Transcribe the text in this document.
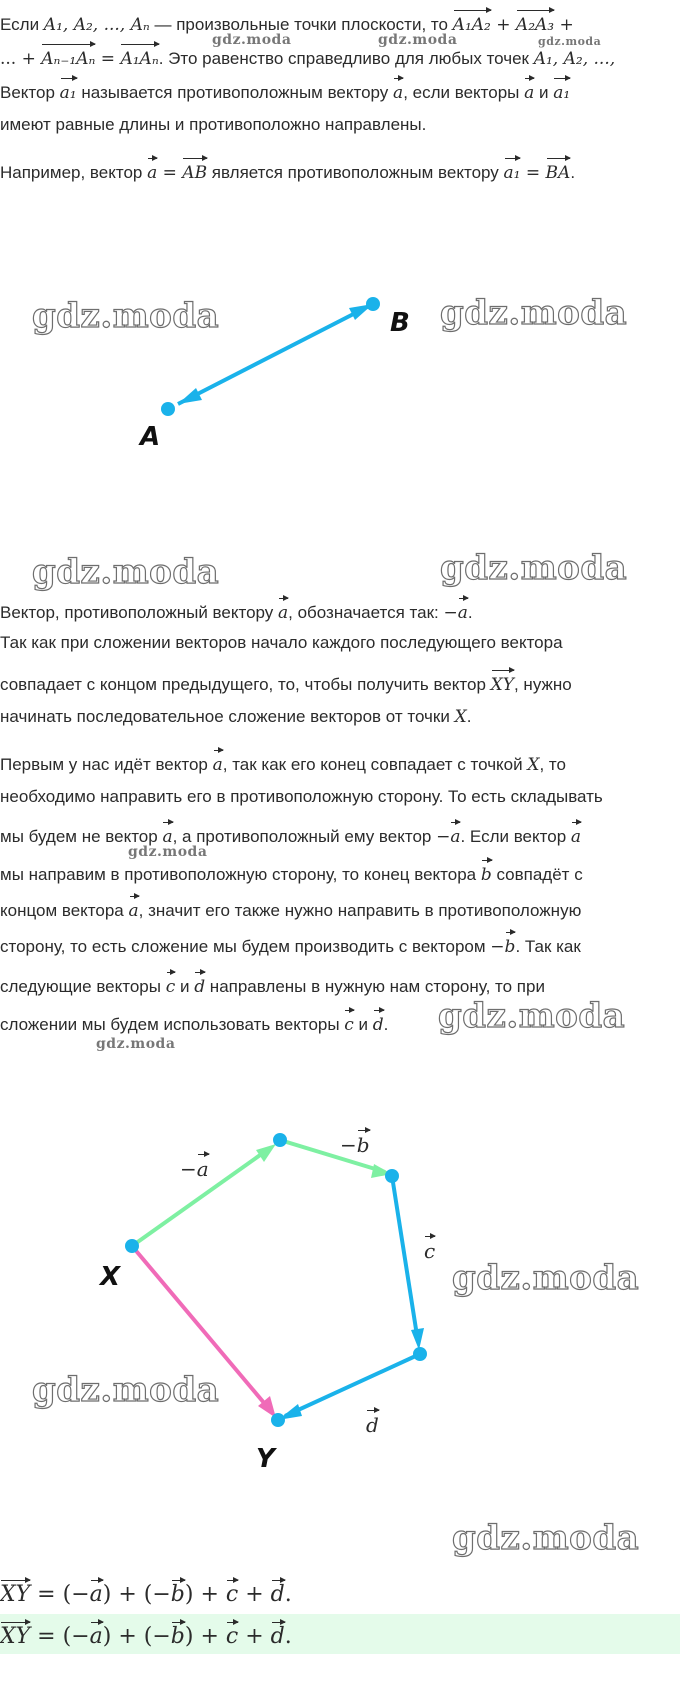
Если A₁, A₂, ..., Aₙ — произвольные точки плоскости, то A₁A₂ + A₂A₃ +
... + Aₙ₋₁Aₙ = A₁Aₙ. Это равенство справедливо для любых точек A₁, A₂, ...,
Вектор a₁ называется противоположным вектору a, если векторы a и a₁
имеют равные длины и противоположно направлены.
Например, вектор a = AB является противоположным вектору a₁ = BA.
gdz.moda	gdz.moda	gdz.moda
B
A
gdz.moda	gdz.moda
gdz.moda	gdz.moda
Вектор, противоположный вектору a, обозначается так: −a.
Так как при сложении векторов начало каждого последующего вектора
совпадает с концом предыдущего, то, чтобы получить вектор XY, нужно
начинать последовательное сложение векторов от точки X.
Первым у нас идёт вектор a, так как его конец совпадает с точкой X, то
необходимо направить его в противоположную сторону. То есть складывать
мы будем не вектор a, а противоположный ему вектор −a. Если вектор a
gdz.moda
мы направим в противоположную сторону, то конец вектора b совпадёт с
концом вектора a, значит его также нужно направить в противоположную
сторону, то есть сложение мы будем производить с вектором −b. Так как
следующие векторы c и d направлены в нужную нам сторону, то при
сложении мы будем использовать векторы c и d. gdz.moda
gdz.moda
−a
−b
c
d
X
Y
gdz.moda
gdz.moda
gdz.moda
XY = (−a) + (−b) + c + d.
XY = (−a) + (−b) + c + d.
